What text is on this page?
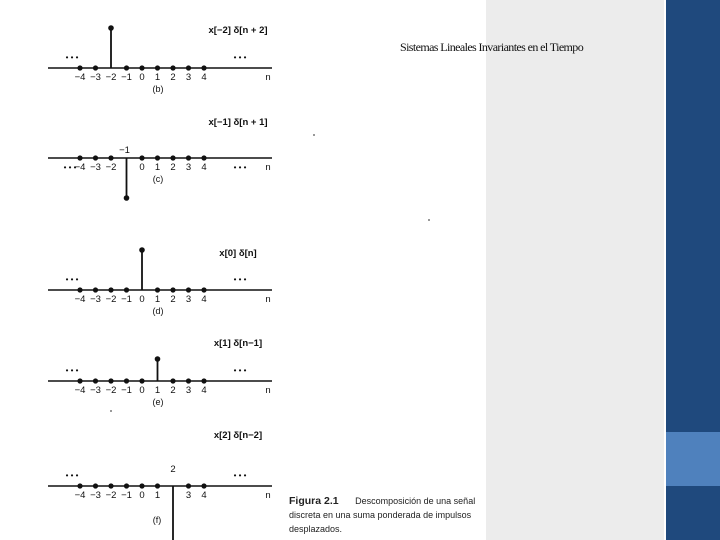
−4 −3 −2 −1 0 1 2 3 4
x[−2] δ[n + 2]
• • •	• • •
n
(b)
−4 −3 −2 0 1 2 3 4
−1
x[−1] δ[n + 1]
• • •	• • • n
(c)
−4 −3 −2 −1 0 1 2 3 4
x[0] δ[n]
• • •	• • •
n
(d)
−4 −3 −2 −1 0 1 2 3 4
x[1] δ[n−1]
• • •	• • •
n
(e)
−4 −3 −2 −1 0 1	3 4
2
x[2] δ[n−2]
• • •	• • •
n
(f)
Sistemas Lineales Invariantes en el Tiempo
Figura 2.1 Descomposición de una señal discreta en una suma ponderada de impulsos desplazados.
